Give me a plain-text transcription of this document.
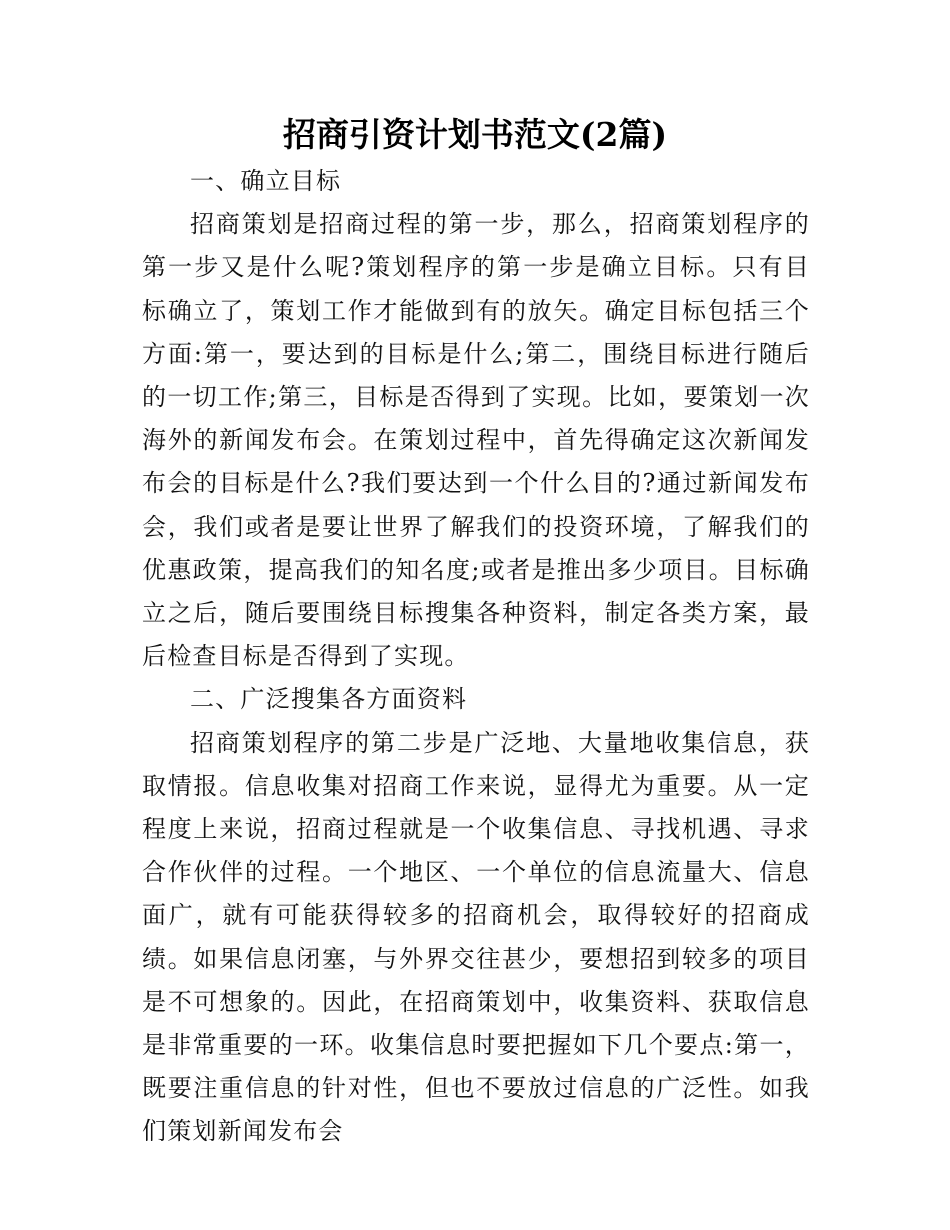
招商引资计划书范文(2篇)
一、确立目标

招商策划是招商过程的第一步，那么，招商策划程序的第一步又是什么呢?策划程序的第一步是确立目标。只有目标确立了，策划工作才能做到有的放矢。确定目标包括三个方面:第一，要达到的目标是什么;第二，围绕目标进行随后的一切工作;第三，目标是否得到了实现。比如，要策划一次海外的新闻发布会。在策划过程中，首先得确定这次新闻发布会的目标是什么?我们要达到一个什么目的?通过新闻发布会，我们或者是要让世界了解我们的投资环境，了解我们的优惠政策，提高我们的知名度;或者是推出多少项目。目标确立之后，随后要围绕目标搜集各种资料，制定各类方案，最后检查目标是否得到了实现。

二、广泛搜集各方面资料

招商策划程序的第二步是广泛地、大量地收集信息，获取情报。信息收集对招商工作来说，显得尤为重要。从一定程度上来说，招商过程就是一个收集信息、寻找机遇、寻求合作伙伴的过程。一个地区、一个单位的信息流量大、信息面广，就有可能获得较多的招商机会，取得较好的招商成绩。如果信息闭塞，与外界交往甚少，要想招到较多的项目是不可想象的。因此，在招商策划中，收集资料、获取信息是非常重要的一环。收集信息时要把握如下几个要点:第一，既要注重信息的针对性，但也不要放过信息的广泛性。如我们策划新闻发布会
